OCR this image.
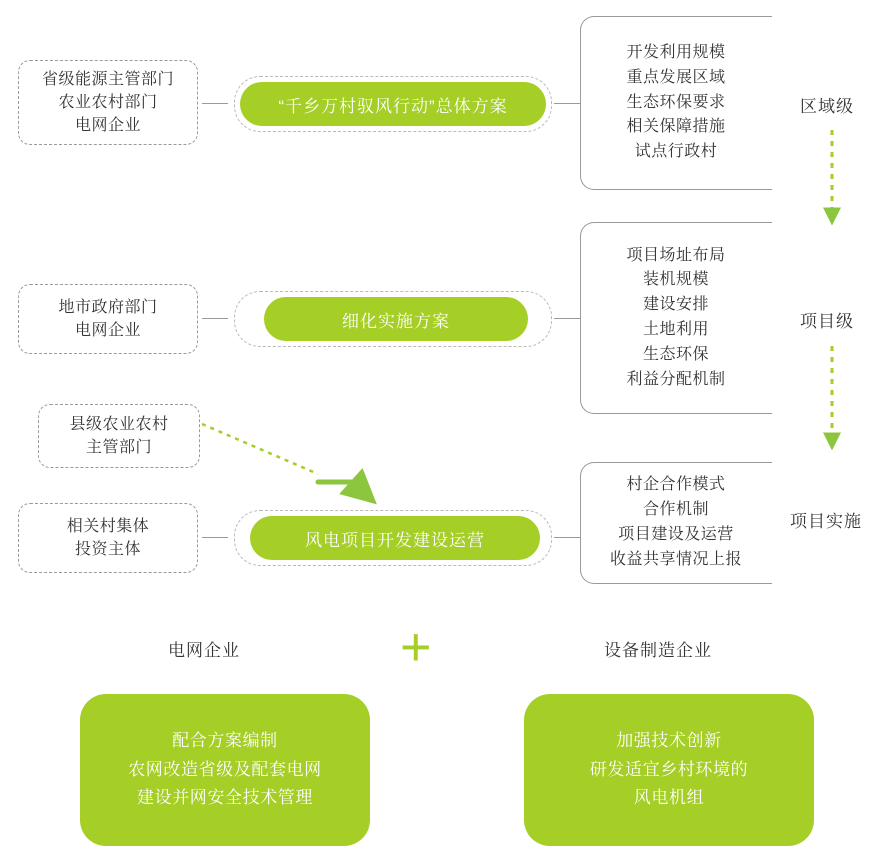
省级能源主管部门
农业农村部门
电网企业
“千乡万村驭风行动”总体方案
开发利用规模
重点发展区域
生态环保要求
相关保障措施
试点行政村
区域级
地市政府部门
电网企业	细化实施方案
项目场址布局
装机规模
建设安排
土地利用
生态环保
利益分配机制
项目级
县级农业农村
主管部门
相关村集体
投资主体	风电项目开发建设运营
村企合作模式
合作机制
项目建设及运营
收益共享情况上报
项目实施
电网企业	+	设备制造企业
配合方案编制
农网改造省级及配套电网
建设并网安全技术管理
加强技术创新
研发适宜乡村环境的
风电机组
